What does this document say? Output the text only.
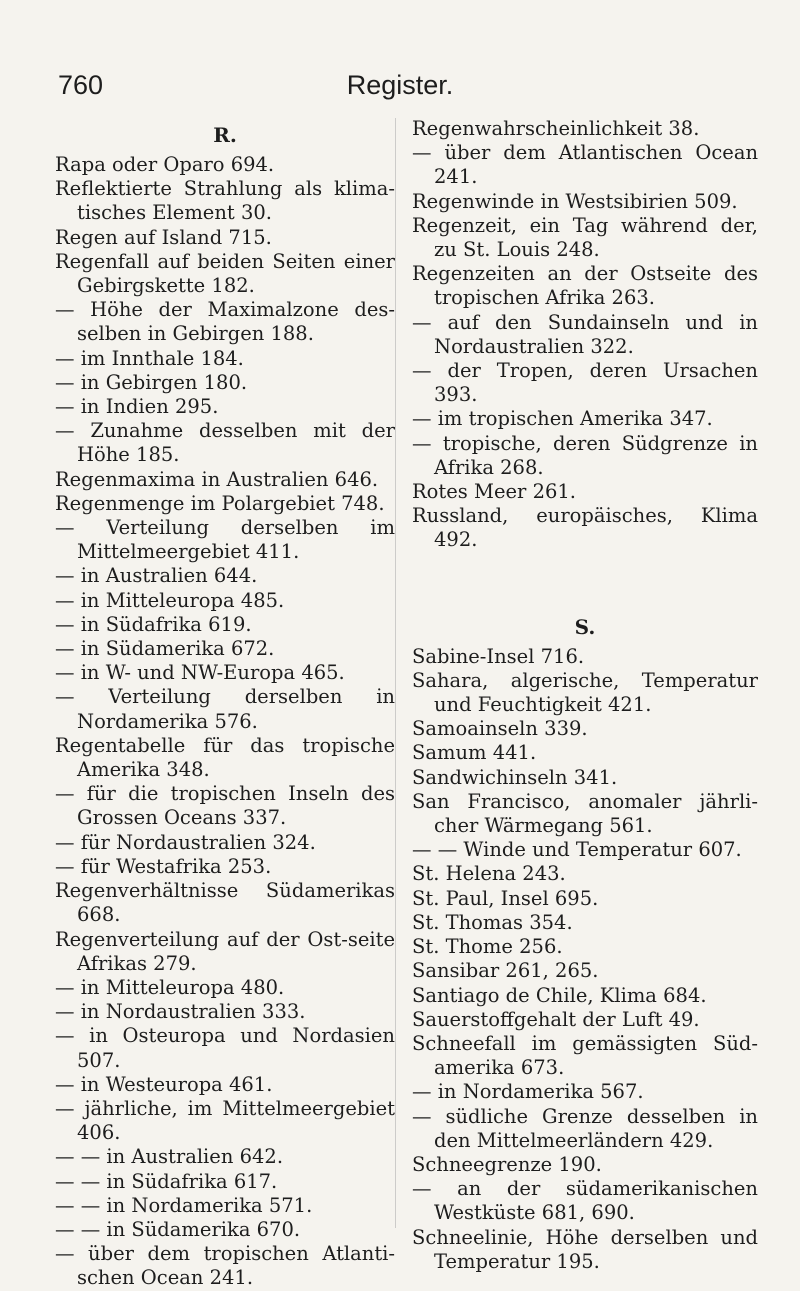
760	Register.
R.
Rapa oder Oparo 694.
Reflektierte Strahlung als klima-tisches Element 30.
Regen auf Island 715.
Regenfall auf beiden Seiten einer Gebirgskette 182.
— Höhe der Maximalzone des-selben in Gebirgen 188.
— im Innthale 184.
— in Gebirgen 180.
— in Indien 295.
— Zunahme desselben mit der Höhe 185.
Regenmaxima in Australien 646.
Regenmenge im Polargebiet 748.
— Verteilung derselben im Mittelmeergebiet 411.
— in Australien 644.
— in Mitteleuropa 485.
— in Südafrika 619.
— in Südamerika 672.
— in W- und NW-Europa 465.
— Verteilung derselben in Nordamerika 576.
Regentabelle für das tropische Amerika 348.
— für die tropischen Inseln des Grossen Oceans 337.
— für Nordaustralien 324.
— für Westafrika 253.
Regenverhältnisse Südamerikas 668.
Regenverteilung auf der Ost-seite Afrikas 279.
— in Mitteleuropa 480.
— in Nordaustralien 333.
— in Osteuropa und Nordasien 507.
— in Westeuropa 461.
— jährliche, im Mittelmeergebiet 406.
— — in Australien 642.
— — in Südafrika 617.
— — in Nordamerika 571.
— — in Südamerika 670.
— über dem tropischen Atlanti-schen Ocean 241.
Regenwahrscheinlichkeit 38.
— über dem Atlantischen Ocean 241.
Regenwinde in Westsibirien 509.
Regenzeit, ein Tag während der, zu St. Louis 248.
Regenzeiten an der Ostseite des tropischen Afrika 263.
— auf den Sundainseln und in Nordaustralien 322.
— der Tropen, deren Ursachen 393.
— im tropischen Amerika 347.
— tropische, deren Südgrenze in Afrika 268.
Rotes Meer 261.
Russland, europäisches, Klima 492.
S.
Sabine-Insel 716.
Sahara, algerische, Temperatur und Feuchtigkeit 421.
Samoainseln 339.
Samum 441.
Sandwichinseln 341.
San Francisco, anomaler jährli-cher Wärmegang 561.
— — Winde und Temperatur 607.
St. Helena 243.
St. Paul, Insel 695.
St. Thomas 354.
St. Thome 256.
Sansibar 261, 265.
Santiago de Chile, Klima 684.
Sauerstoffgehalt der Luft 49.
Schneefall im gemässigten Süd-amerika 673.
— in Nordamerika 567.
— südliche Grenze desselben in den Mittelmeerländern 429.
Schneegrenze 190.
— an der südamerikanischen Westküste 681, 690.
Schneelinie, Höhe derselben und Temperatur 195.
